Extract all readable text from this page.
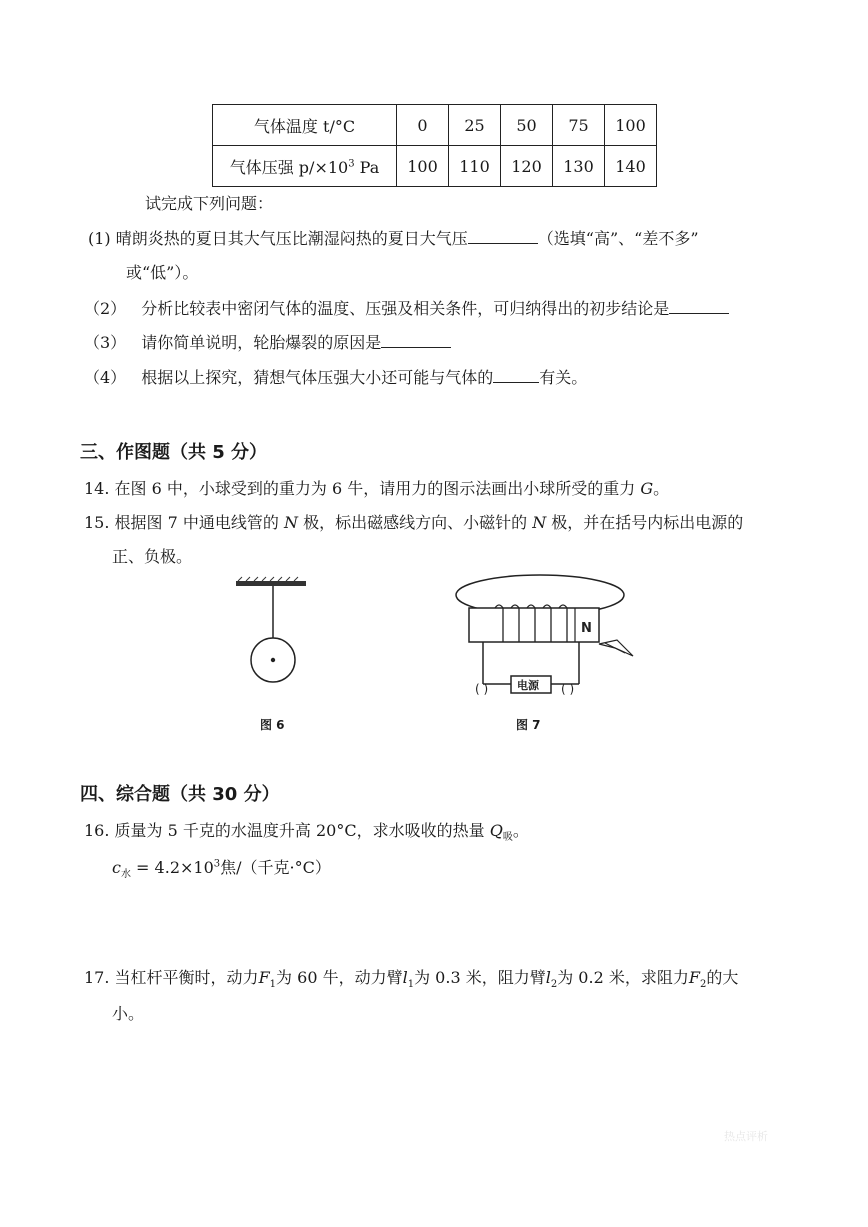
气体温度 t/°C	0	25	50	75	100
气体压强 $p/\times 10^3$ Pa	100	110	120	130	140
试完成下列问题：
(1) 晴朗炎热的夏日其大气压比潮湿闷热的夏日大气压	（选填“高”、“差不多”
或“低”）。
（2） 分析比较表中密闭气体的温度、压强及相关条件，可归纳得出的初步结论是
（3） 请你简单说明，轮胎爆裂的原因是
（4） 根据以上探究，猜想气体压强大小还可能与气体的	有关。
三、作图题（共 5 分）
14. 在图 6 中，小球受到的重力为 6 牛，请用力的图示法画出小球所受的重力 G。
15. 根据图 7 中通电线管的 N 极，标出磁感线方向、小磁针的 N 极，并在括号内标出电源的
正、负极。
图 6
N
电源
( )	( )
图 7
四、综合题（共 30 分）
16. 质量为 5 千克的水温度升高 20°C，求水吸收的热量 $Q_吸$。
$c_水 = 4.2\times 10^3$焦/（千克·°C）
17. 当杠杆平衡时，动力$F_1$为 60 牛，动力臂$l_1$为 0.3 米，阻力臂$l_2$为 0.2 米，求阻力$F_2$的大
小。
热点评析
